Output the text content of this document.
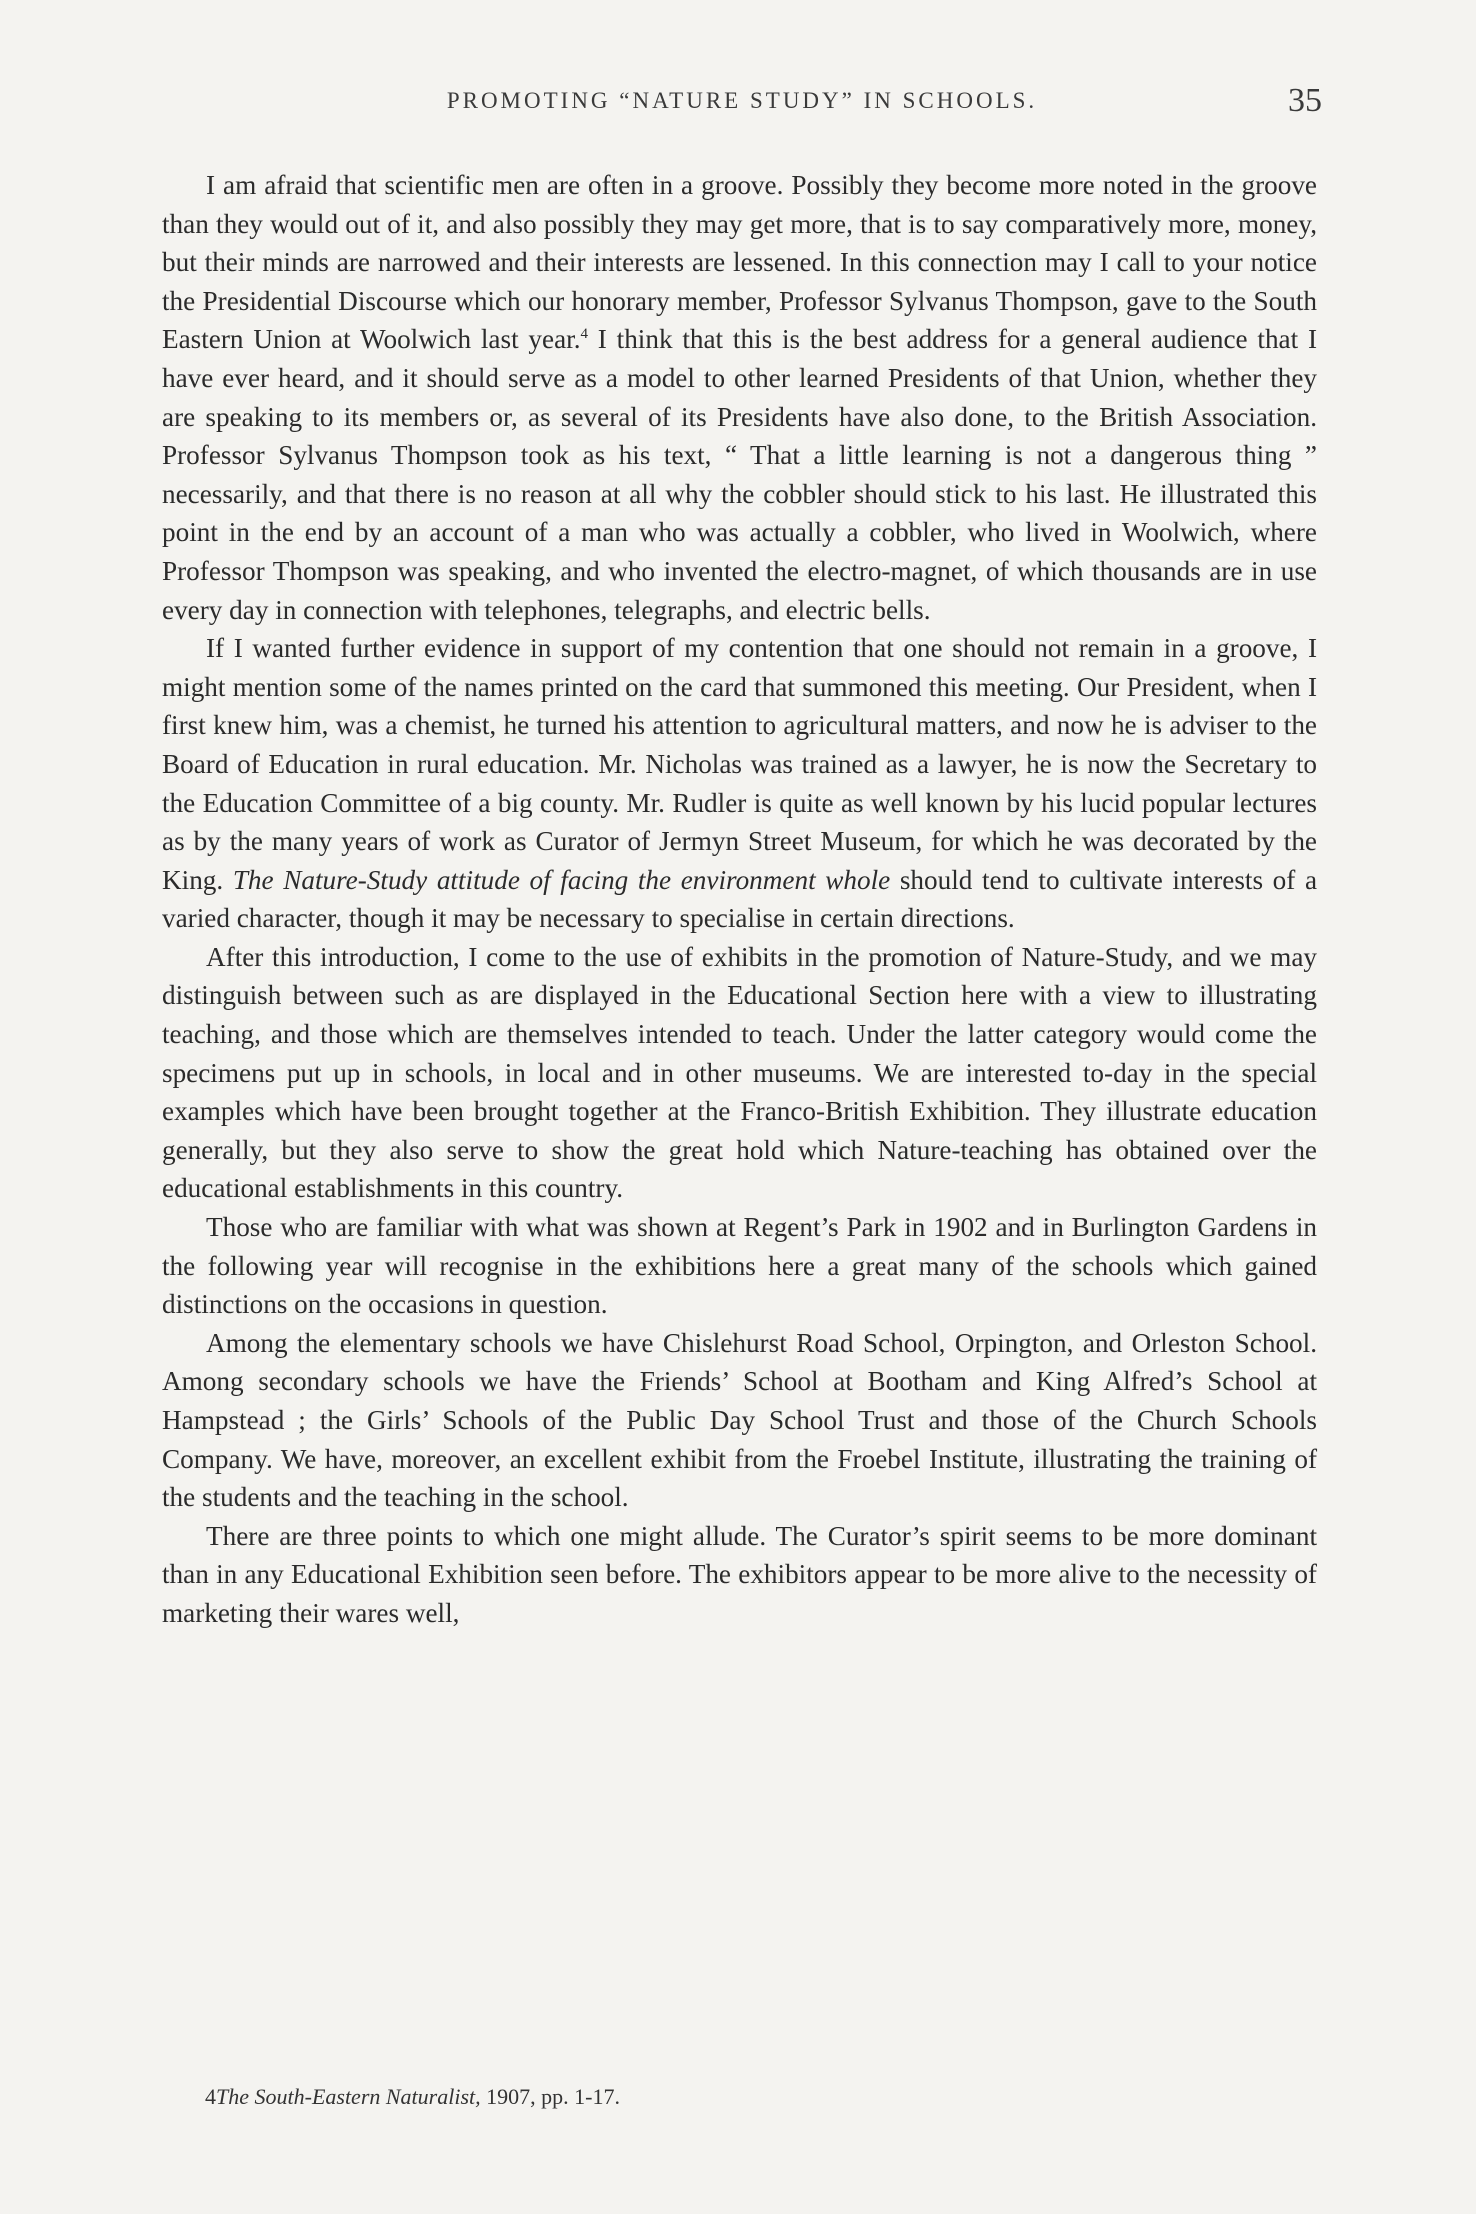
PROMOTING “NATURE STUDY” IN SCHOOLS.	35

I am afraid that scientific men are often in a groove. Possibly they become more noted in the groove than they would out of it, and also possibly they may get more, that is to say comparatively more, money, but their minds are narrowed and their interests are lessened. In this connection may I call to your notice the Presidential Discourse which our honorary member, Professor Sylvanus Thompson, gave to the South Eastern Union at Woolwich last year.$^4$ I think that this is the best address for a general audience that I have ever heard, and it should serve as a model to other learned Presidents of that Union, whether they are speaking to its members or, as several of its Presidents have also done, to the British Association. Professor Sylvanus Thompson took as his text, “ That a little learning is not a dangerous thing ” necessarily, and that there is no reason at all why the cobbler should stick to his last. He illustrated this point in the end by an account of a man who was actually a cobbler, who lived in Woolwich, where Professor Thompson was speaking, and who invented the electro-magnet, of which thousands are in use every day in connection with telephones, telegraphs, and electric bells.

If I wanted further evidence in support of my contention that one should not remain in a groove, I might mention some of the names printed on the card that summoned this meeting. Our President, when I first knew him, was a chemist, he turned his attention to agricultural matters, and now he is adviser to the Board of Education in rural education. Mr. Nicholas was trained as a lawyer, he is now the Secretary to the Education Committee of a big county. Mr. Rudler is quite as well known by his lucid popular lectures as by the many years of work as Curator of Jermyn Street Museum, for which he was decorated by the King. The Nature-Study attitude of facing the environment whole should tend to cultivate interests of a varied character, though it may be necessary to specialise in certain directions.

After this introduction, I come to the use of exhibits in the promotion of Nature-Study, and we may distinguish between such as are displayed in the Educational Section here with a view to illustrating teaching, and those which are themselves intended to teach. Under the latter category would come the specimens put up in schools, in local and in other museums. We are interested to-day in the special examples which have been brought together at the Franco-British Exhibition. They illustrate education generally, but they also serve to show the great hold which Nature-teaching has obtained over the educational establishments in this country.

Those who are familiar with what was shown at Regent’s Park in 1902 and in Burlington Gardens in the following year will recognise in the exhibitions here a great many of the schools which gained distinctions on the occasions in question.

Among the elementary schools we have Chislehurst Road School, Orpington, and Orleston School. Among secondary schools we have the Friends’ School at Bootham and King Alfred’s School at Hampstead ; the Girls’ Schools of the Public Day School Trust and those of the Church Schools Company. We have, moreover, an excellent exhibit from the Froebel Institute, illustrating the training of the students and the teaching in the school.

There are three points to which one might allude. The Curator’s spirit seems to be more dominant than in any Educational Exhibition seen before. The exhibitors appear to be more alive to the necessity of marketing their wares well,

4The South-Eastern Naturalist, 1907, pp. 1-17.
